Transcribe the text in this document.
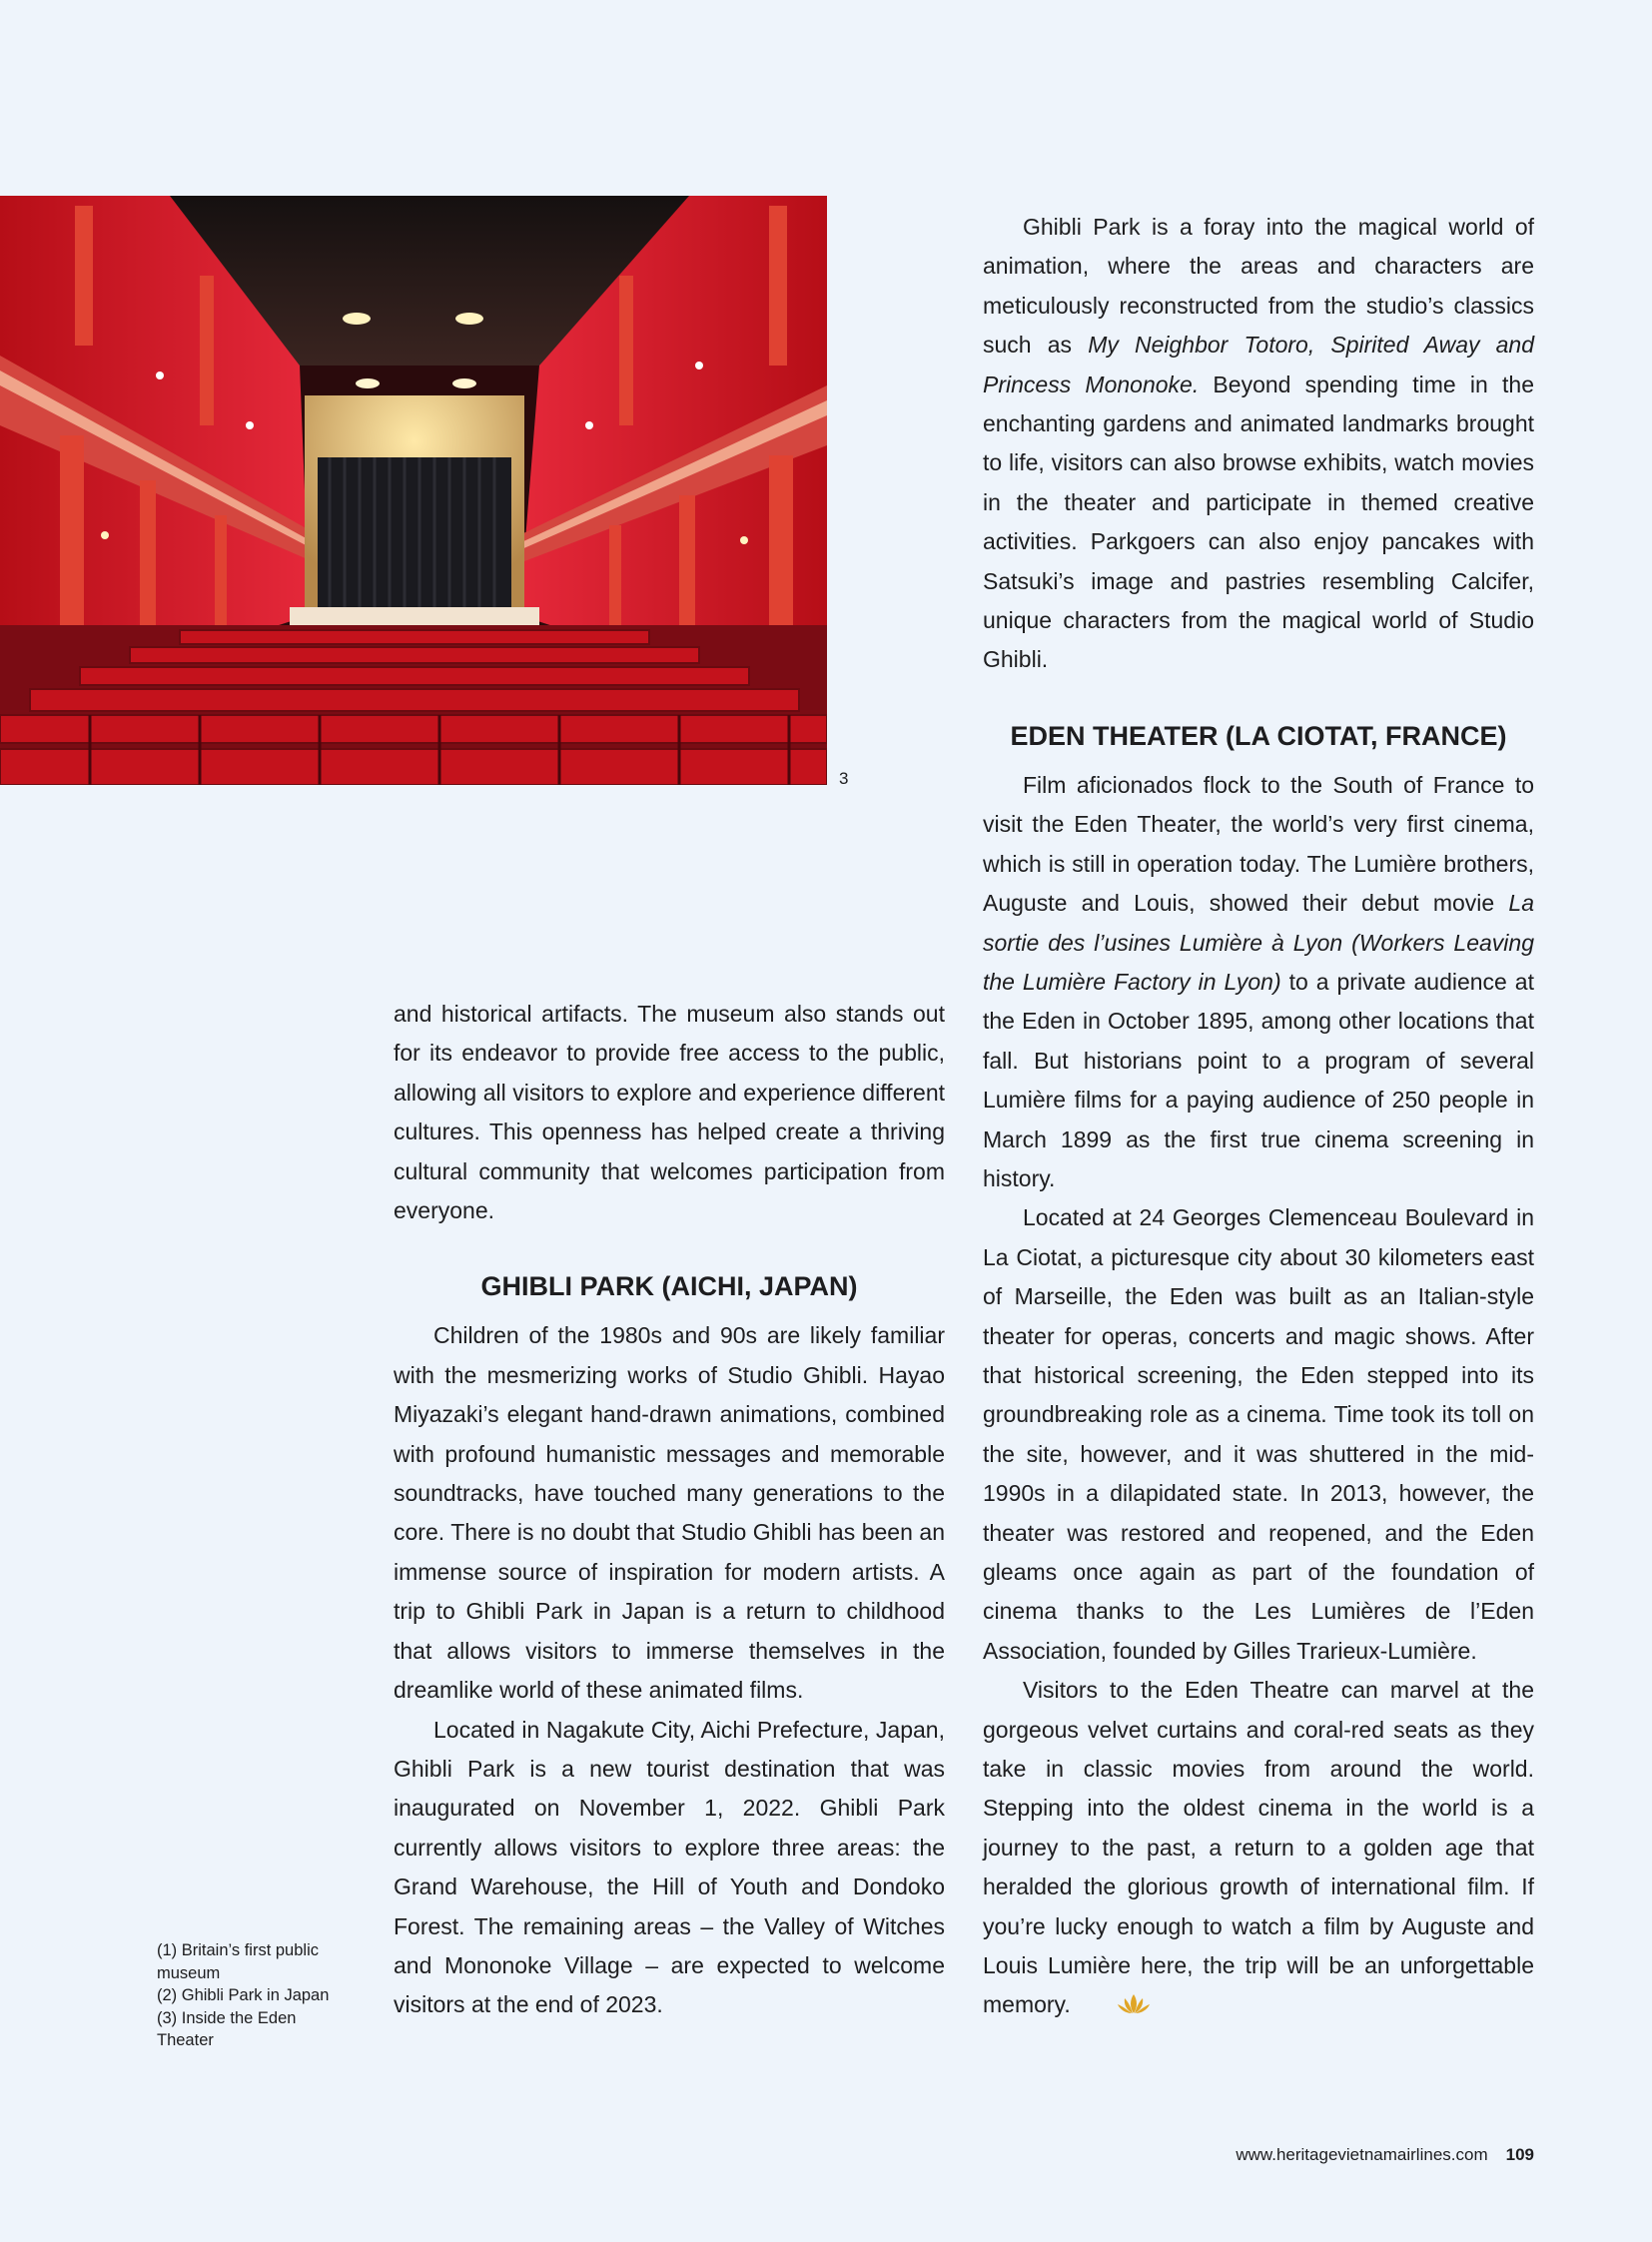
3

and historical artifacts. The museum also stands out for its endeavor to provide free access to the public, allowing all visitors to explore and experience different cultures. This openness has helped create a thriving cultural community that welcomes participation from everyone.

GHIBLI PARK (AICHI, JAPAN)

Children of the 1980s and 90s are likely familiar with the mesmerizing works of Studio Ghibli. Hayao Miyazaki’s elegant hand-drawn animations, combined with profound humanistic messages and memorable soundtracks, have touched many generations to the core. There is no doubt that Studio Ghibli has been an immense source of inspiration for modern artists. A trip to Ghibli Park in Japan is a return to childhood that allows visitors to immerse themselves in the dreamlike world of these animated films.

Located in Nagakute City, Aichi Prefecture, Japan, Ghibli Park is a new tourist destination that was inaugurated on November 1, 2022. Ghibli Park currently allows visitors to explore three areas: the Grand Warehouse, the Hill of Youth and Dondoko Forest. The remaining areas – the Valley of Witches and Mononoke Village – are expected to welcome visitors at the end of 2023.

Ghibli Park is a foray into the magical world of animation, where the areas and characters are meticulously reconstructed from the studio’s classics such as My Neighbor Totoro, Spirited Away and Princess Mononoke. Beyond spending time in the enchanting gardens and animated landmarks brought to life, visitors can also browse exhibits, watch movies in the theater and participate in themed creative activities. Parkgoers can also enjoy pancakes with Satsuki’s image and pastries resembling Calcifer, unique characters from the magical world of Studio Ghibli.

EDEN THEATER (LA CIOTAT, FRANCE)

Film aficionados flock to the South of France to visit the Eden Theater, the world’s very first cinema, which is still in operation today. The Lumière brothers, Auguste and Louis, showed their debut movie La sortie des l’usines Lumière à Lyon (Workers Leaving the Lumière Factory in Lyon) to a private audience at the Eden in October 1895, among other locations that fall. But historians point to a program of several Lumière films for a paying audience of 250 people in March 1899 as the first true cinema screening in history.

Located at 24 Georges Clemenceau Boulevard in La Ciotat, a picturesque city about 30 kilometers east of Marseille, the Eden was built as an Italian-style theater for operas, concerts and magic shows. After that historical screening, the Eden stepped into its groundbreaking role as a cinema. Time took its toll on the site, however, and it was shuttered in the mid-1990s in a dilapidated state. In 2013, however, the theater was restored and reopened, and the Eden gleams once again as part of the foundation of cinema thanks to the Les Lumières de l’Eden Association, founded by Gilles Trarieux-Lumière.

Visitors to the Eden Theatre can marvel at the gorgeous velvet curtains and coral-red seats as they take in classic movies from around the world. Stepping into the oldest cinema in the world is a journey to the past, a return to a golden age that heralded the glorious growth of international film. If you’re lucky enough to watch a film by Auguste and Louis Lumière here, the trip will be an unforgettable memory.

(1) Britain’s first public museum
(2) Ghibli Park in Japan
(3) Inside the Eden Theater
www.heritagevietnamairlines.com 109
